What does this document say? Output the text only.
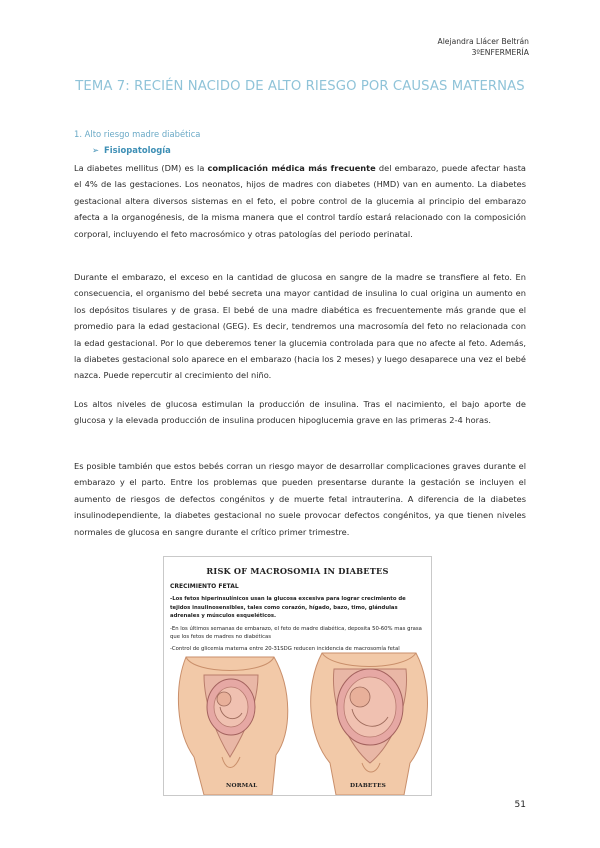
Alejandra Llácer Beltrán
3ºENFERMERÍA
TEMA 7: RECIÉN NACIDO DE ALTO RIESGO POR CAUSAS MATERNAS
1. Alto riesgo madre diabética
➢ Fisiopatología
La diabetes mellitus (DM) es la complicación médica más frecuente del embarazo, puede afectar hasta el 4% de las gestaciones. Los neonatos, hijos de madres con diabetes (HMD) van en aumento. La diabetes gestacional altera diversos sistemas en el feto, el pobre control de la glucemia al principio del embarazo afecta a la organogénesis, de la misma manera que el control tardío estará relacionado con la composición corporal, incluyendo el feto macrosómico y otras patologías del periodo perinatal.
Durante el embarazo, el exceso en la cantidad de glucosa en sangre de la madre se transfiere al feto. En consecuencia, el organismo del bebé secreta una mayor cantidad de insulina lo cual origina un aumento en los depósitos tisulares y de grasa. El bebé de una madre diabética es frecuentemente más grande que el promedio para la edad gestacional (GEG). Es decir, tendremos una macrosomía del feto no relacionada con la edad gestacional. Por lo que deberemos tener la glucemia controlada para que no afecte al feto. Además, la diabetes gestacional solo aparece en el embarazo (hacia los 2 meses) y luego desaparece una vez el bebé nazca. Puede repercutir al crecimiento del niño.
Los altos niveles de glucosa estimulan la producción de insulina. Tras el nacimiento, el bajo aporte de glucosa y la elevada producción de insulina producen hipoglucemia grave en las primeras 2-4 horas.
Es posible también que estos bebés corran un riesgo mayor de desarrollar complicaciones graves durante el embarazo y el parto. Entre los problemas que pueden presentarse durante la gestación se incluyen el aumento de riesgos de defectos congénitos y de muerte fetal intrauterina. A diferencia de la diabetes insulinodependiente, la diabetes gestacional no suele provocar defectos congénitos, ya que tienen niveles normales de glucosa en sangre durante el crítico primer trimestre.
RISK OF MACROSOMIA IN DIABETES

CRECIMIENTO FETAL

-Los fetos hiperinsulínicos usan la glucosa excesiva para lograr crecimiento de tejidos insulinosensibles, tales como corazón, hígado, bazo, timo, glándulas adrenales y músculos esqueléticos.

-En los últimos semanas de embarazo, el feto de madre diabética, deposita 50-60% mas grasa que los fetos de madres no diabéticas

-Control de glicemia materna entre 20-31SDG reducen incidencia de macrosomía fetal

NORMAL	DIABETES
51
